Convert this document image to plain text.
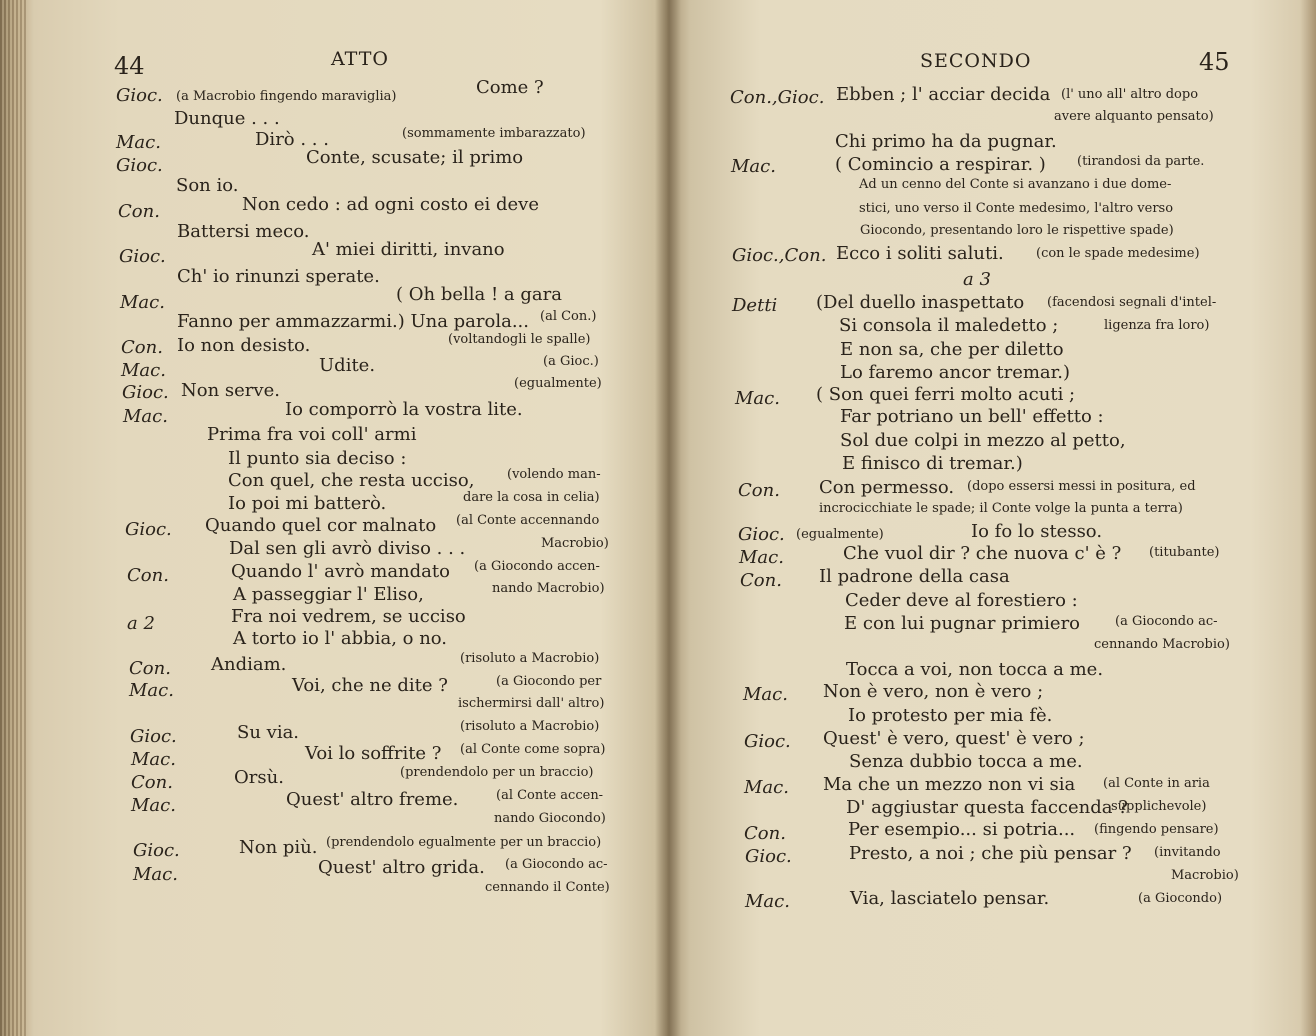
44	ATTO
Gioc. (a Macrobio fingendo maraviglia)	Come ?
Dunque . . .
Mac.	Dirò . . .	(sommamente imbarazzato)
Gioc.	Conte, scusate; il primo
Son io.
Con.	Non cedo : ad ogni costo ei deve
Battersi meco.
Gioc.	A' miei diritti, invano
Ch' io rinunzi sperate.
Mac.	( Oh bella ! a gara
Fanno per ammazzarmi.) Una parola... (al Con.)
Con. Io non desisto.	(voltandogli le spalle)
Mac.	Udite.	(a Gioc.)
Gioc. Non serve.	(egualmente)
Mac.	Io comporrò la vostra lite.
Prima fra voi coll' armi
Il punto sia deciso :
Con quel, che resta ucciso,	(volendo man-
Io poi mi batterò.	dare la cosa in celia)
Gioc. Quando quel cor malnato (al Conte accennando
Dal sen gli avrò diviso . . .	Macrobio)
Con.	Quando l' avrò mandato (a Giocondo accen-
A passeggiar l' Eliso,	nando Macrobio)
a 2	Fra noi vedrem, se ucciso
A torto io l' abbia, o no.
Con. Andiam.	(risoluto a Macrobio)
Mac.	Voi, che ne dite ?	(a Giocondo per
ischermirsi dall' altro)
Gioc.	Su via.	(risoluto a Macrobio)
Mac.	Voi lo soffrite ? (al Conte come sopra)
Con.	Orsù.	(prendendolo per un braccio)
Mac.	Quest' altro freme.	(al Conte accen-
nando Giocondo)
Gioc.	Non più. (prendendolo egualmente per un braccio)
Mac.	Quest' altro grida. (a Giocondo ac-
cennando il Conte)
SECONDO	45
Con.,Gioc. Ebben ; l' acciar decida (l' uno all' altro dopo
avere alquanto pensato)
Chi primo ha da pugnar.
Mac.	( Comincio a respirar. ) (tirandosi da parte.
Ad un cenno del Conte si avanzano i due dome-
stici, uno verso il Conte medesimo, l'altro verso
Giocondo, presentando loro le rispettive spade)
Gioc.,Con. Ecco i soliti saluti. (con le spade medesime)
a 3
Detti (Del duello inaspettato (facendosi segnali d'intel-
Si consola il maledetto ;	ligenza fra loro)
E non sa, che per diletto
Lo faremo ancor tremar.)
Mac. ( Son quei ferri molto acuti ;
Far potriano un bell' effetto :
Sol due colpi in mezzo al petto,
E finisco di tremar.)
Con. Con permesso. (dopo essersi messi in positura, ed
incrocicchiate le spade; il Conte volge la punta a terra)
Gioc. (egualmente)	Io fo lo stesso.
Mac.	Che vuol dir ? che nuova c' è ? (titubante)
Con. Il padrone della casa
Ceder deve al forestiero :
E con lui pugnar primiero	(a Giocondo ac-
cennando Macrobio)
Tocca a voi, non tocca a me.
Mac. Non è vero, non è vero ;
Io protesto per mia fè.
Gioc. Quest' è vero, quest' è vero ;
Senza dubbio tocca a me.
Mac. Ma che un mezzo non vi sia (al Conte in aria
D' aggiustar questa faccenda ?
supplichevole)
Con.	Per esempio... si potria... (fingendo pensare)
Gioc.	Presto, a noi ; che più pensar ? (invitando
Macrobio)
Mac.	Via, lasciatelo pensar.	(a Giocondo)
